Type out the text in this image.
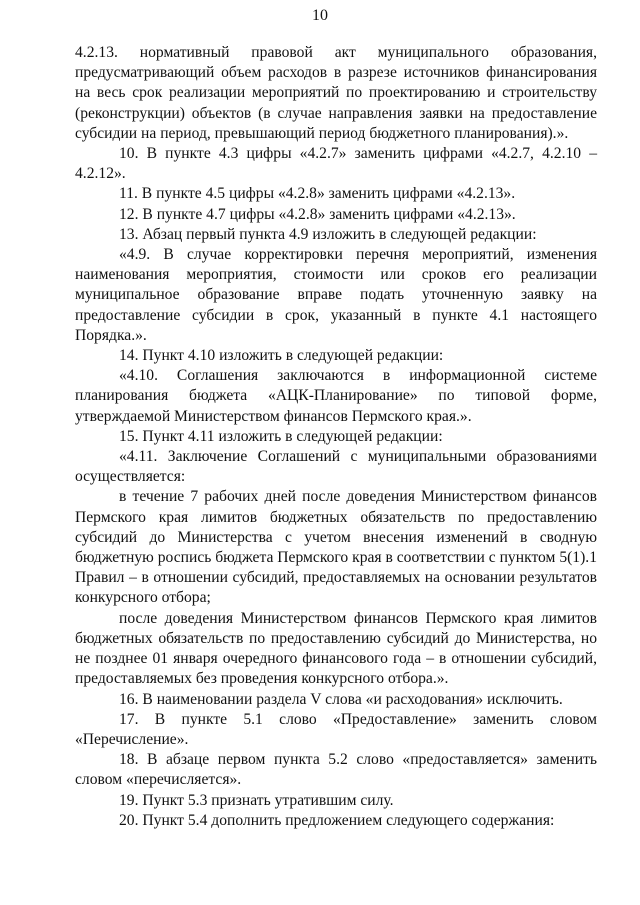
10

4.2.13. нормативный правовой акт муниципального образования, предусматривающий объем расходов в разрезе источников финансирования на весь срок реализации мероприятий по проектированию и строительству (реконструкции) объектов (в случае направления заявки на предоставление субсидии на период, превышающий период бюджетного планирования).».

10. В пункте 4.3 цифры «4.2.7» заменить цифрами «4.2.7, 4.2.10 – 4.2.12».

11. В пункте 4.5 цифры «4.2.8» заменить цифрами «4.2.13».

12. В пункте 4.7 цифры «4.2.8» заменить цифрами «4.2.13».

13. Абзац первый пункта 4.9 изложить в следующей редакции:

«4.9. В случае корректировки перечня мероприятий, изменения наименования мероприятия, стоимости или сроков его реализации муниципальное образование вправе подать уточненную заявку на предоставление субсидии в срок, указанный в пункте 4.1 настоящего Порядка.».

14. Пункт 4.10 изложить в следующей редакции:

«4.10. Соглашения заключаются в информационной системе планирования бюджета «АЦК-Планирование» по типовой форме, утверждаемой Министерством финансов Пермского края.».

15. Пункт 4.11 изложить в следующей редакции:

«4.11. Заключение Соглашений с муниципальными образованиями осуществляется:

в течение 7 рабочих дней после доведения Министерством финансов Пермского края лимитов бюджетных обязательств по предоставлению субсидий до Министерства с учетом внесения изменений в сводную бюджетную роспись бюджета Пермского края в соответствии с пунктом 5(1).1 Правил – в отношении субсидий, предоставляемых на основании результатов конкурсного отбора;

после доведения Министерством финансов Пермского края лимитов бюджетных обязательств по предоставлению субсидий до Министерства, но не позднее 01 января очередного финансового года – в отношении субсидий, предоставляемых без проведения конкурсного отбора.».

16. В наименовании раздела V слова «и расходования» исключить.

17. В пункте 5.1 слово «Предоставление» заменить словом «Перечисление».

18. В абзаце первом пункта 5.2 слово «предоставляется» заменить словом «перечисляется».

19. Пункт 5.3 признать утратившим силу.

20. Пункт 5.4 дополнить предложением следующего содержания:
